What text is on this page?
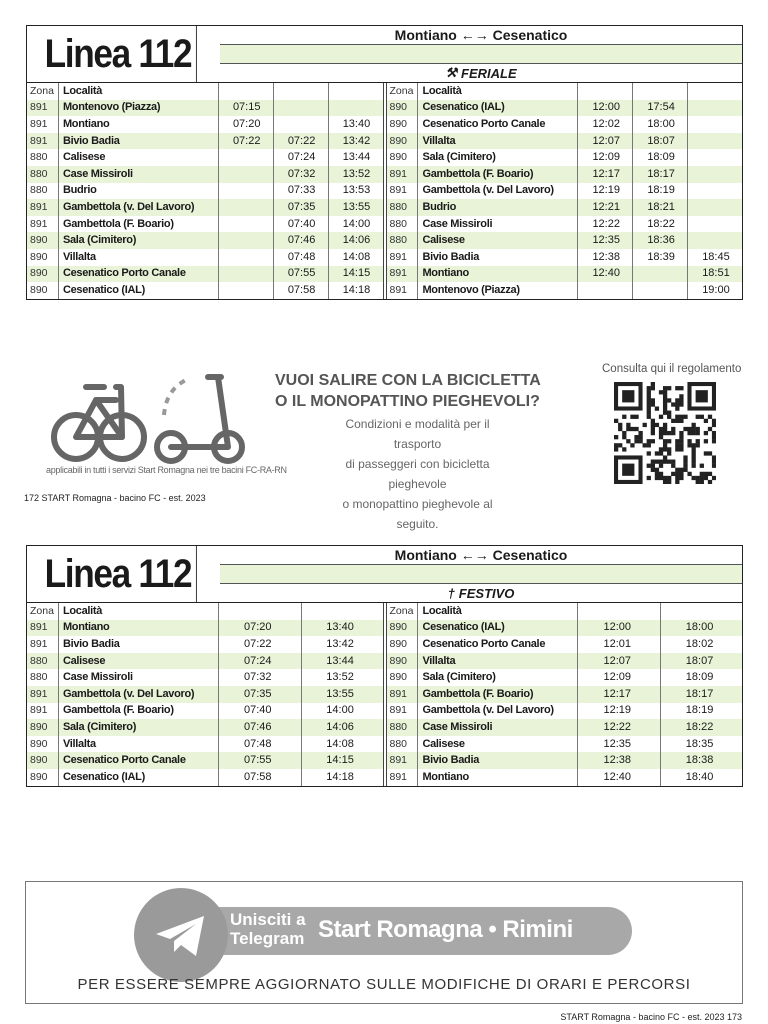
Linea 112	Montiano ←→ Cesenatico
⚒ FERIALE
Zona	Località			
891	Montenovo (Piazza)	07:15		
891	Montiano	07:20		13:40
891	Bivio Badia	07:22	07:22	13:42
880	Calisese		07:24	13:44
880	Case Missiroli		07:32	13:52
880	Budrio		07:33	13:53
891	Gambettola (v. Del Lavoro)		07:35	13:55
891	Gambettola (F. Boario)		07:40	14:00
890	Sala (Cimitero)		07:46	14:06
890	Villalta		07:48	14:08
890	Cesenatico Porto Canale		07:55	14:15
890	Cesenatico (IAL)		07:58	14:18
Zona	Località			
890	Cesenatico (IAL)	12:00	17:54	
890	Cesenatico Porto Canale	12:02	18:00	
890	Villalta	12:07	18:07	
890	Sala (Cimitero)	12:09	18:09	
891	Gambettola (F. Boario)	12:17	18:17	
891	Gambettola (v. Del Lavoro)	12:19	18:19	
880	Budrio	12:21	18:21	
880	Case Missiroli	12:22	18:22	
880	Calisese	12:35	18:36	
891	Bivio Badia	12:38	18:39	18:45
891	Montiano	12:40		18:51
891	Montenovo (Piazza)			19:00
VUOI SALIRE CON LA BICICLETTA
O IL MONOPATTINO PIEGHEVOLI?
Condizioni e modalità per il trasporto
di passeggeri con bicicletta pieghevole
o monopattino pieghevole al seguito.
applicabili in tutti i servizi Start Romagna nei tre bacini FC-RA-RN
Consulta qui il regolamento
172 START Romagna - bacino FC - est. 2023
Linea 112	Montiano ←→ Cesenatico
† FESTIVO
Zona	Località		
891	Montiano	07:20	13:40
891	Bivio Badia	07:22	13:42
880	Calisese	07:24	13:44
880	Case Missiroli	07:32	13:52
891	Gambettola (v. Del Lavoro)	07:35	13:55
891	Gambettola (F. Boario)	07:40	14:00
890	Sala (Cimitero)	07:46	14:06
890	Villalta	07:48	14:08
890	Cesenatico Porto Canale	07:55	14:15
890	Cesenatico (IAL)	07:58	14:18
Zona	Località		
890	Cesenatico (IAL)	12:00	18:00
890	Cesenatico Porto Canale	12:01	18:02
890	Villalta	12:07	18:07
890	Sala (Cimitero)	12:09	18:09
891	Gambettola (F. Boario)	12:17	18:17
891	Gambettola (v. Del Lavoro)	12:19	18:19
880	Case Missiroli	12:22	18:22
880	Calisese	12:35	18:35
891	Bivio Badia	12:38	18:38
891	Montiano	12:40	18:40
Unisciti a
Telegram Start Romagna • Rimini
PER ESSERE SEMPRE AGGIORNATO SULLE MODIFICHE DI ORARI E PERCORSI
START Romagna - bacino FC - est. 2023 173
